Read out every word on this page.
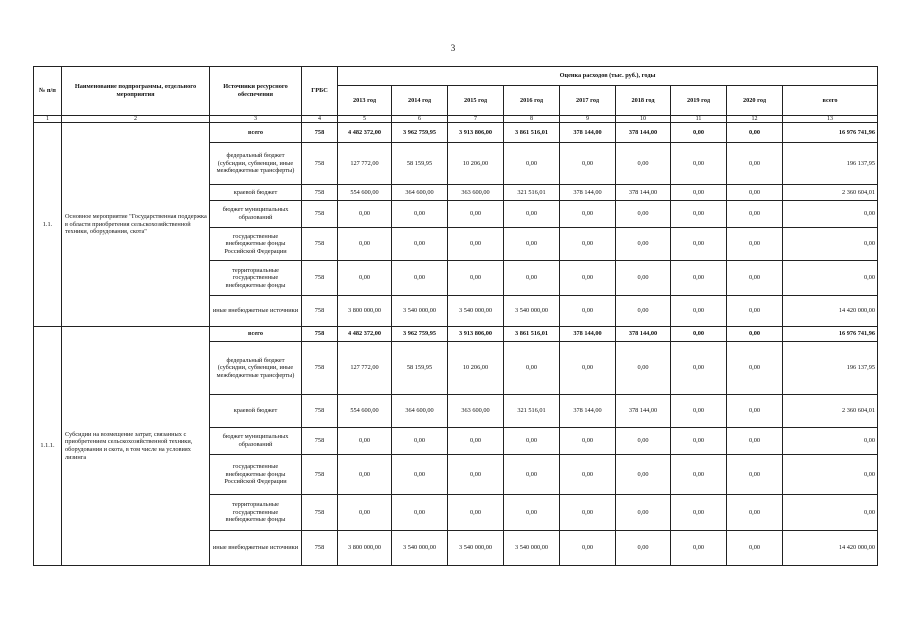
3
№ п/п	Наименование подпрограммы, отдельного мероприятия	Источники ресурсного обеспечения	ГРБС	Оценка расходов (тыс. руб.), годы								
				2013 год	2014 год	2015 год	2016 год	2017 год	2018 год	2019 год	2020 год	всего
1	2	3	4	5	6	7	8	9	10	11	12	13
1.1.	Основное мероприятие "Государственная поддержка в области приобретения сельскохозяйственной техники, оборудования, скота"	всего	758	4 482 372,00	3 962 759,95	3 913 806,00	3 861 516,01	378 144,00	378 144,00	0,00	0,00	16 976 741,96
		федеральный бюджет (субсидии, субвенции, иные межбюджетные трансферты)	758	127 772,00	58 159,95	10 206,00	0,00	0,00	0,00	0,00	0,00	196 137,95
		краевой бюджет	758	554 600,00	364 600,00	363 600,00	321 516,01	378 144,00	378 144,00	0,00	0,00	2 360 604,01
		бюджет муниципальных образований	758	0,00	0,00	0,00	0,00	0,00	0,00	0,00	0,00	0,00
		государственные внебюджетные фонды Российской Федерации	758	0,00	0,00	0,00	0,00	0,00	0,00	0,00	0,00	0,00
		территориальные государственные внебюджетные фонды	758	0,00	0,00	0,00	0,00	0,00	0,00	0,00	0,00	0,00
		иные внебюджетные источники	758	3 800 000,00	3 540 000,00	3 540 000,00	3 540 000,00	0,00	0,00	0,00	0,00	14 420 000,00
1.1.1.	Субсидии на возмещение затрат, связанных с приобретением сельскохозяйственной техники, оборудования и скота, в том числе на условиях лизинга	всего	758	4 482 372,00	3 962 759,95	3 913 806,00	3 861 516,01	378 144,00	378 144,00	0,00	0,00	16 976 741,96
		федеральный бюджет (субсидии, субвенции, иные межбюджетные трансферты)	758	127 772,00	58 159,95	10 206,00	0,00	0,00	0,00	0,00	0,00	196 137,95
		краевой бюджет	758	554 600,00	364 600,00	363 600,00	321 516,01	378 144,00	378 144,00	0,00	0,00	2 360 604,01
		бюджет муниципальных образований	758	0,00	0,00	0,00	0,00	0,00	0,00	0,00	0,00	0,00
		государственные внебюджетные фонды Российской Федерации	758	0,00	0,00	0,00	0,00	0,00	0,00	0,00	0,00	0,00
		территориальные государственные внебюджетные фонды	758	0,00	0,00	0,00	0,00	0,00	0,00	0,00	0,00	0,00
		иные внебюджетные источники	758	3 800 000,00	3 540 000,00	3 540 000,00	3 540 000,00	0,00	0,00	0,00	0,00	14 420 000,00
